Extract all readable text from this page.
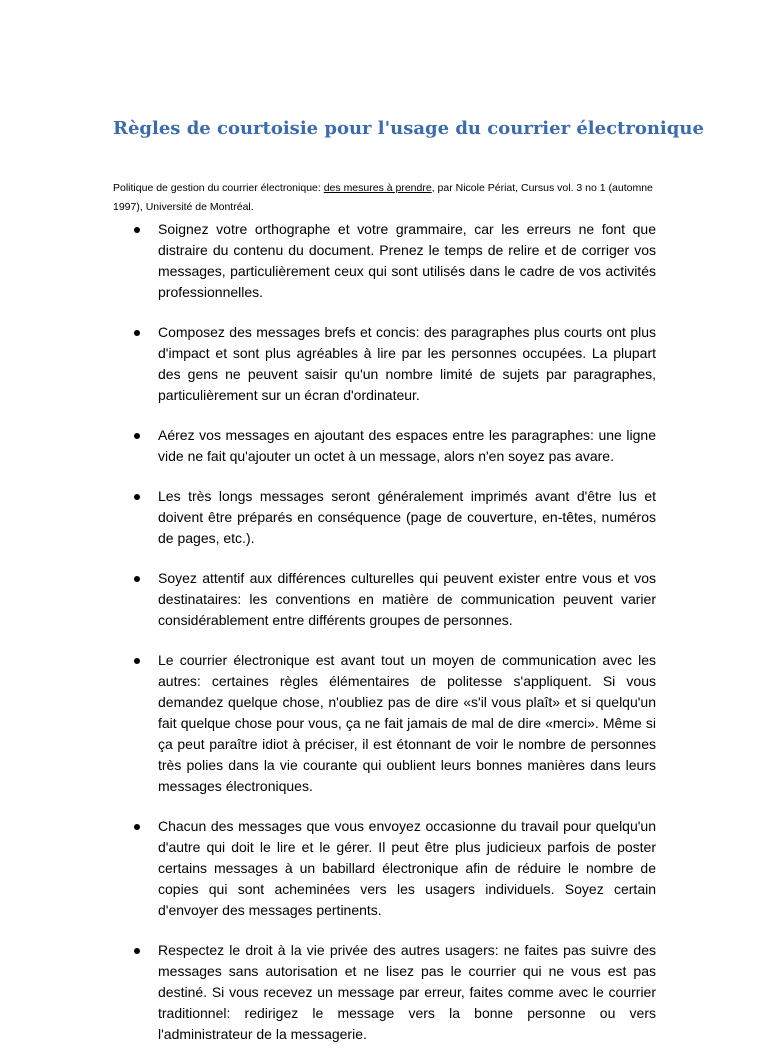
Règles de courtoisie pour l'usage du courrier électronique

Politique de gestion du courrier électronique: des mesures à prendre, par Nicole Périat, Cursus vol. 3 no 1 (automne 1997), Université de Montréal.

Soignez votre orthographe et votre grammaire, car les erreurs ne font que distraire du contenu du document. Prenez le temps de relire et de corriger vos messages, particulièrement ceux qui sont utilisés dans le cadre de vos activités professionnelles.
Composez des messages brefs et concis: des paragraphes plus courts ont plus d'impact et sont plus agréables à lire par les personnes occupées. La plupart des gens ne peuvent saisir qu'un nombre limité de sujets par paragraphes, particulièrement sur un écran d'ordinateur.
Aérez vos messages en ajoutant des espaces entre les paragraphes: une ligne vide ne fait qu'ajouter un octet à un message, alors n'en soyez pas avare.
Les très longs messages seront généralement imprimés avant d'être lus et doivent être préparés en conséquence (page de couverture, en-têtes, numéros de pages, etc.).
Soyez attentif aux différences culturelles qui peuvent exister entre vous et vos destinataires: les conventions en matière de communication peuvent varier considérablement entre différents groupes de personnes.
Le courrier électronique est avant tout un moyen de communication avec les autres: certaines règles élémentaires de politesse s'appliquent. Si vous demandez quelque chose, n'oubliez pas de dire «s'il vous plaît» et si quelqu'un fait quelque chose pour vous, ça ne fait jamais de mal de dire «merci». Même si ça peut paraître idiot à préciser, il est étonnant de voir le nombre de personnes très polies dans la vie courante qui oublient leurs bonnes manières dans leurs messages électroniques.
Chacun des messages que vous envoyez occasionne du travail pour quelqu'un d'autre qui doit le lire et le gérer. Il peut être plus judicieux parfois de poster certains messages à un babillard électronique afin de réduire le nombre de copies qui sont acheminées vers les usagers individuels. Soyez certain d'envoyer des messages pertinents.
Respectez le droit à la vie privée des autres usagers: ne faites pas suivre des messages sans autorisation et ne lisez pas le courrier qui ne vous est pas destiné. Si vous recevez un message par erreur, faites comme avec le courrier traditionnel: redirigez le message vers la bonne personne ou vers l'administrateur de la messagerie.
